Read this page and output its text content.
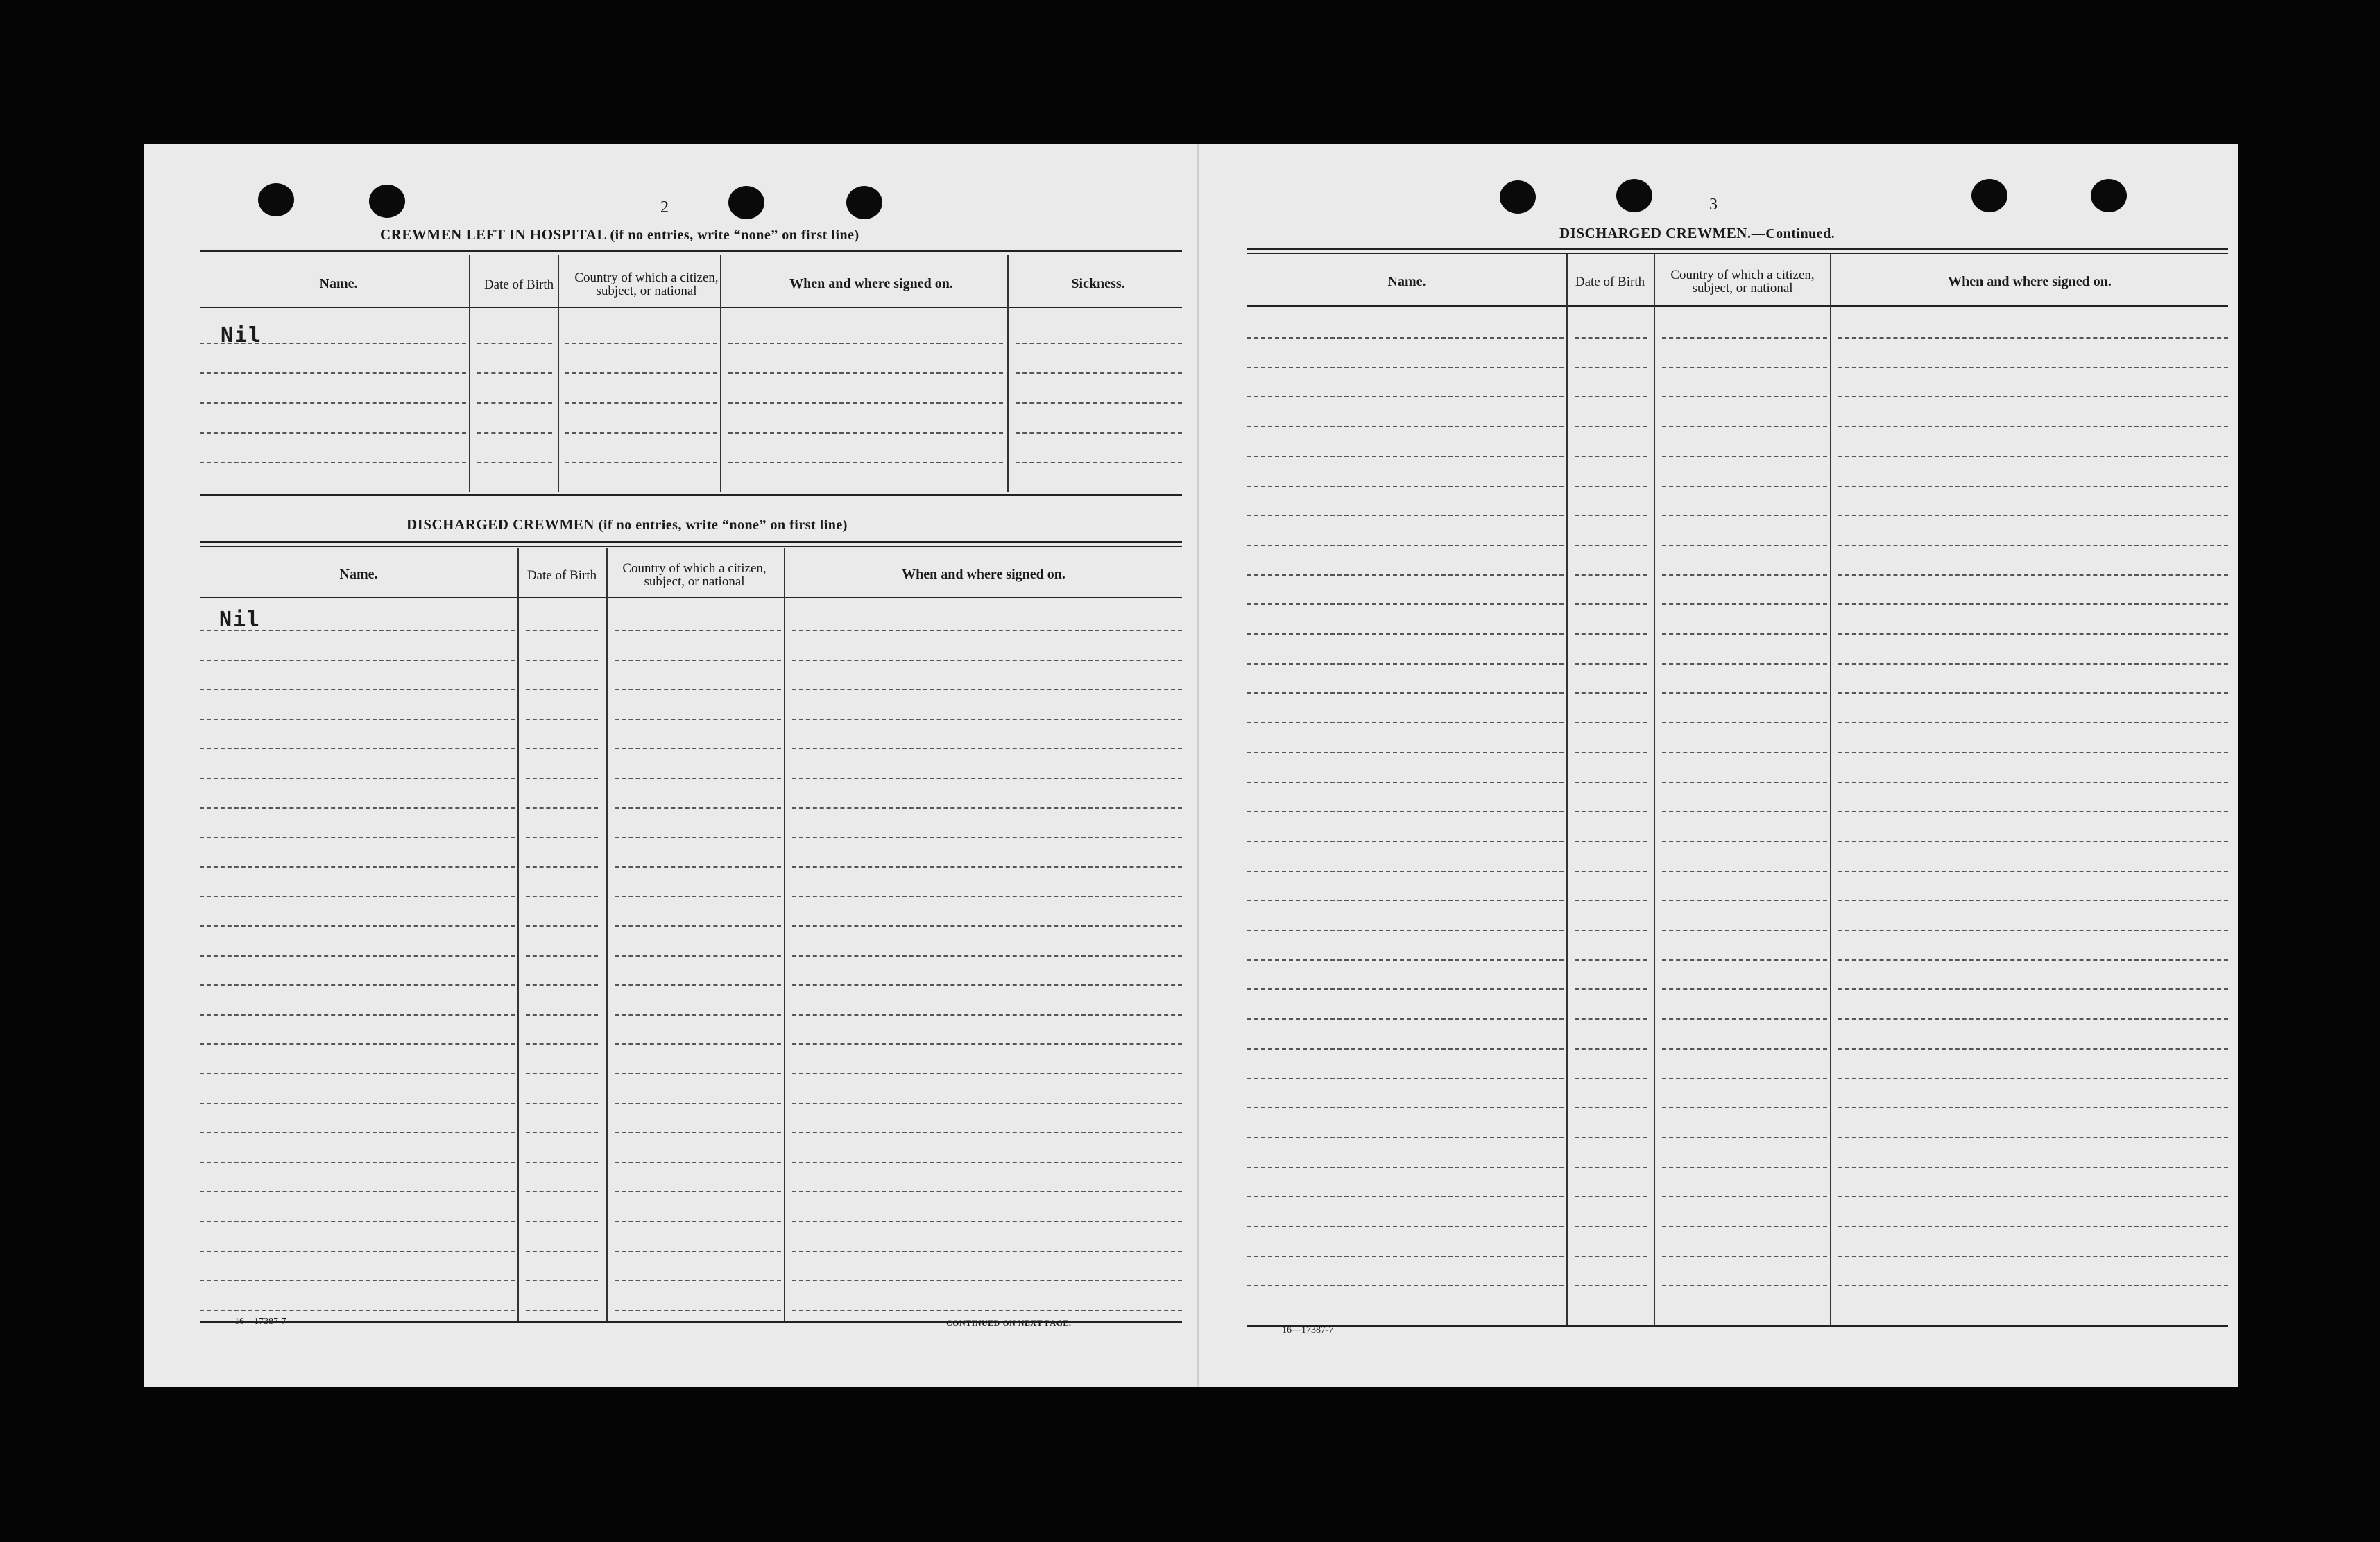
2
CREWMEN LEFT IN HOSPITAL (if no entries, write “none” on first line)
Name.	Date of Birth	Country of which a citizen, subject, or national	When and where signed on.	Sickness.
Nil
DISCHARGED CREWMEN (if no entries, write “none” on first line)
Name.	Date of Birth	Country of which a citizen, subject, or national	When and where signed on.
Nil
16—17387-7	CONTINUED ON NEXT PAGE.
3
DISCHARGED CREWMEN.—Continued.
Name.	Date of Birth	Country of which a citizen, subject, or national	When and where signed on.
16—17387-7
